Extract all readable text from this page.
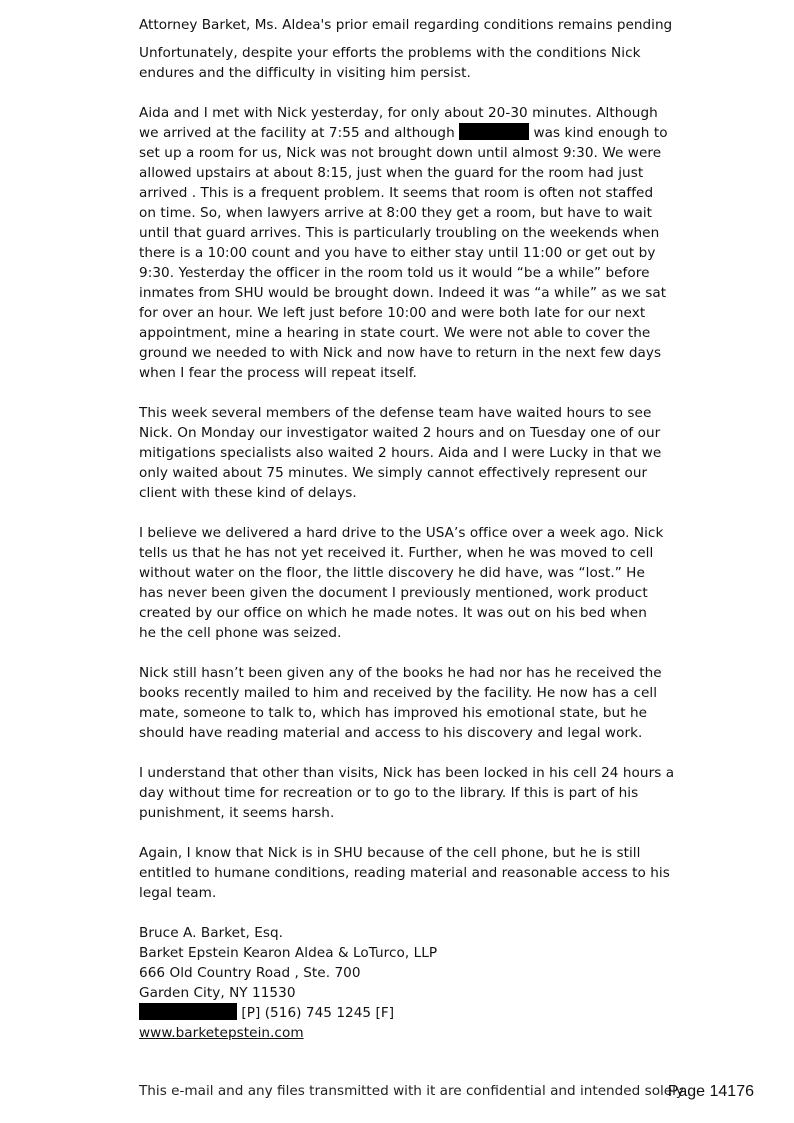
Attorney Barket, Ms. Aldea's prior email regarding conditions remains pending
Unfortunately, despite your efforts the problems with the conditions Nick
endures and the difficulty in visiting him persist.
Aida and I met with Nick yesterday, for only about 20-30 minutes. Although
we arrived at the facility at 7:55 and although	was kind enough to
set up a room for us, Nick was not brought down until almost 9:30. We were
allowed upstairs at about 8:15, just when the guard for the room had just
arrived . This is a frequent problem. It seems that room is often not staffed
on time. So, when lawyers arrive at 8:00 they get a room, but have to wait
until that guard arrives. This is particularly troubling on the weekends when
there is a 10:00 count and you have to either stay until 11:00 or get out by
9:30. Yesterday the officer in the room told us it would “be a while” before
inmates from SHU would be brought down. Indeed it was “a while” as we sat
for over an hour. We left just before 10:00 and were both late for our next
appointment, mine a hearing in state court. We were not able to cover the
ground we needed to with Nick and now have to return in the next few days
when I fear the process will repeat itself.
This week several members of the defense team have waited hours to see
Nick. On Monday our investigator waited 2 hours and on Tuesday one of our
mitigations specialists also waited 2 hours. Aida and I were Lucky in that we
only waited about 75 minutes. We simply cannot effectively represent our
client with these kind of delays.
I believe we delivered a hard drive to the USA’s office over a week ago. Nick
tells us that he has not yet received it. Further, when he was moved to cell
without water on the floor, the little discovery he did have, was “lost.” He
has never been given the document I previously mentioned, work product
created by our office on which he made notes. It was out on his bed when
he the cell phone was seized.
Nick still hasn’t been given any of the books he had nor has he received the
books recently mailed to him and received by the facility. He now has a cell
mate, someone to talk to, which has improved his emotional state, but he
should have reading material and access to his discovery and legal work.
I understand that other than visits, Nick has been locked in his cell 24 hours a
day without time for recreation or to go to the library. If this is part of his
punishment, it seems harsh.
Again, I know that Nick is in SHU because of the cell phone, but he is still
entitled to humane conditions, reading material and reasonable access to his
legal team.
Bruce A. Barket, Esq.
Barket Epstein Kearon Aldea & LoTurco, LLP
666 Old Country Road , Ste. 700
Garden City, NY 11530
[P] (516) 745 1245 [F]
www.barketepstein.com
This e-mail and any files transmitted with it are confidential and intended solely
Page 14176
